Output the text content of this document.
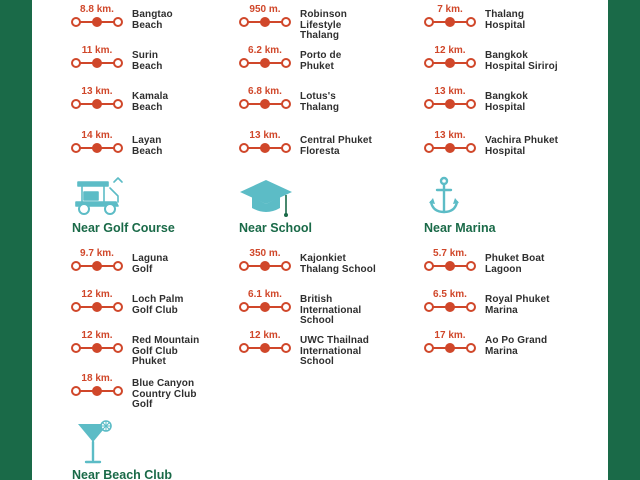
8.8 km.	Bangtao
Beach
11 km.	Surin
Beach
13 km.	Kamala
Beach
14 km.	Layan
Beach
950 m.	Robinson
Lifestyle
Thalang
6.2 km.	Porto de
Phuket
6.8 km.	Lotus's
Thalang
13 km.	Central Phuket
Floresta
7 km.	Thalang
Hospital
12 km.	Bangkok
Hospital Siriroj
13 km.	Bangkok
Hospital
13 km.	Vachira Phuket
Hospital
Near Golf Course
9.7 km.	Laguna
Golf
12 km.	Loch Palm
Golf Club
12 km.	Red Mountain
Golf Club
Phuket
18 km.	Blue Canyon
Country Club
Golf
Near School
350 m.	Kajonkiet
Thalang School
6.1 km.	British
International
School
12 km.	UWC Thailnad
International
School
Near Marina
5.7 km.	Phuket Boat
Lagoon
6.5 km.	Royal Phuket
Marina
17 km.	Ao Po Grand
Marina
Near Beach Club
